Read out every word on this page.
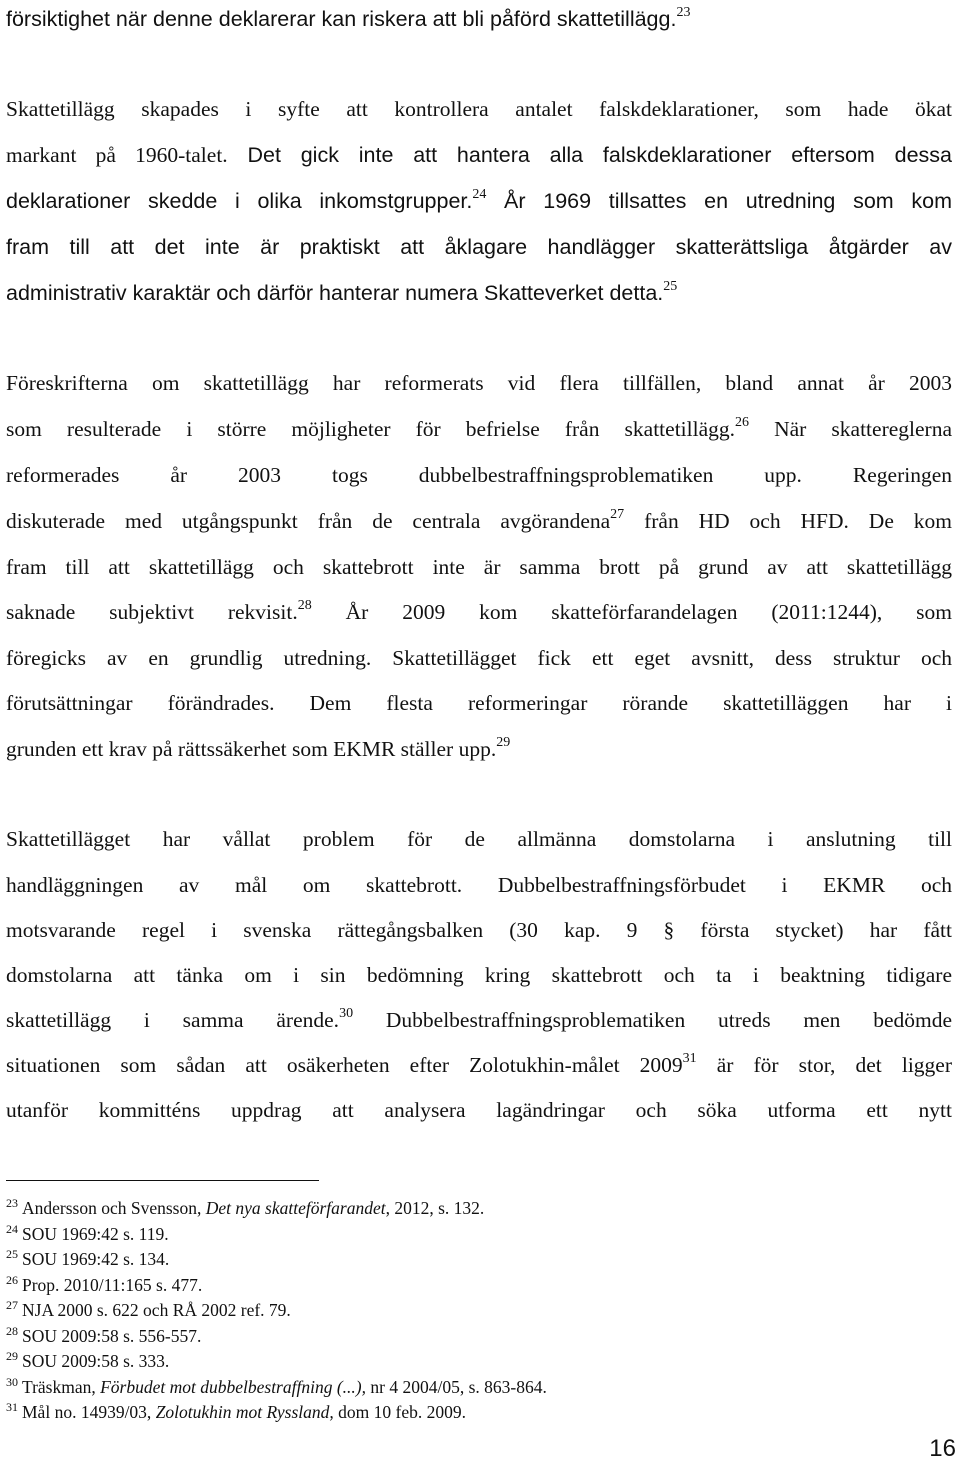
försiktighet när denne deklarerar kan riskera att bli påförd skattetillägg.$^{23}$
Skattetillägg skapades i syfte att kontrollera antalet falskdeklarationer, som hade ökat
markant på 1960-talet. Det gick inte att hantera alla falskdeklarationer eftersom dessa
deklarationer skedde i olika inkomstgrupper.$^{24}$ År 1969 tillsattes en utredning som kom
fram till att det inte är praktiskt att åklagare handlägger skatterättsliga åtgärder av
administrativ karaktär och därför hanterar numera Skatteverket detta.$^{25}$
Föreskrifterna om skattetillägg har reformerats vid flera tillfällen, bland annat år 2003
som resulterade i större möjligheter för befrielse från skattetillägg.$^{26}$ När skattereglerna
reformerades år 2003 togs dubbelbestraffningsproblematiken upp. Regeringen
diskuterade med utgångspunkt från de centrala avgörandena$^{27}$ från HD och HFD. De kom
fram till att skattetillägg och skattebrott inte är samma brott på grund av att skattetillägg
saknade subjektivt rekvisit.$^{28}$ År 2009 kom skatteförfarandelagen (2011:1244), som
föregicks av en grundlig utredning. Skattetillägget fick ett eget avsnitt, dess struktur och
förutsättningar förändrades. Dem flesta reformeringar rörande skattetilläggen har i
grunden ett krav på rättssäkerhet som EKMR ställer upp.$^{29}$
Skattetillägget har vållat problem för de allmänna domstolarna i anslutning till
handläggningen av mål om skattebrott. Dubbelbestraffningsförbudet i EKMR och
motsvarande regel i svenska rättegångsbalken (30 kap. 9 § första stycket) har fått
domstolarna att tänka om i sin bedömning kring skattebrott och ta i beaktning tidigare
skattetillägg i samma ärende.$^{30}$ Dubbelbestraffningsproblematiken utreds men bedömde
situationen som sådan att osäkerheten efter Zolotukhin-målet 2009$^{31}$ är för stor, det ligger
utanför kommitténs uppdrag att analysera lagändringar och söka utforma ett nytt
$^{23}$ Andersson och Svensson, Det nya skatteförfarandet, 2012, s. 132.
$^{24}$ SOU 1969:42 s. 119.
$^{25}$ SOU 1969:42 s. 134.
$^{26}$ Prop. 2010/11:165 s. 477.
$^{27}$ NJA 2000 s. 622 och RÅ 2002 ref. 79.
$^{28}$ SOU 2009:58 s. 556-557.
$^{29}$ SOU 2009:58 s. 333.
$^{30}$ Träskman, Förbudet mot dubbelbestraffning (...), nr 4 2004/05, s. 863-864.
$^{31}$ Mål no. 14939/03, Zolotukhin mot Ryssland, dom 10 feb. 2009.
16
